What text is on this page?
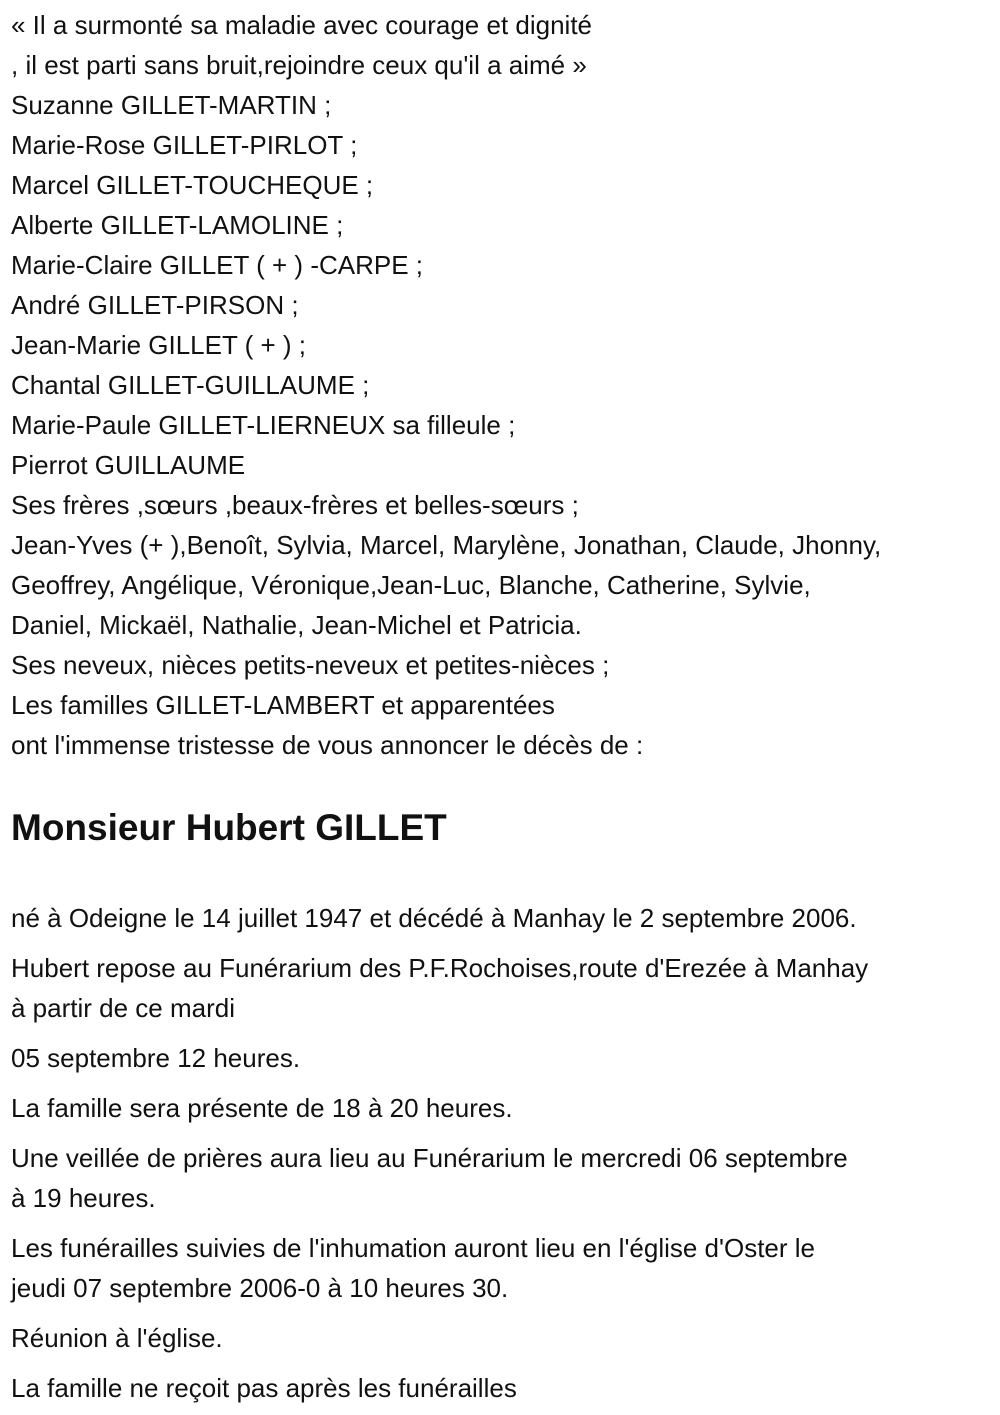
« Il a surmonté sa maladie avec courage et dignité
, il est parti sans bruit,rejoindre ceux qu'il a aimé »
Suzanne GILLET-MARTIN ;
Marie-Rose GILLET-PIRLOT ;
Marcel GILLET-TOUCHEQUE ;
Alberte GILLET-LAMOLINE ;
Marie-Claire GILLET ( + ) -CARPE ;
André GILLET-PIRSON ;
Jean-Marie GILLET ( + ) ;
Chantal GILLET-GUILLAUME ;
Marie-Paule GILLET-LIERNEUX sa filleule ;
Pierrot GUILLAUME
Ses frères ,sœurs ,beaux-frères et belles-sœurs ;
Jean-Yves (+ ),Benoît, Sylvia, Marcel, Marylène, Jonathan, Claude, Jhonny,
Geoffrey, Angélique, Véronique,Jean-Luc, Blanche, Catherine, Sylvie,
Daniel, Mickaël, Nathalie, Jean-Michel et Patricia.
Ses neveux, nièces petits-neveux et petites-nièces ;
Les familles GILLET-LAMBERT et apparentées
ont l'immense tristesse de vous annoncer le décès de :
Monsieur Hubert GILLET
né à Odeigne le 14 juillet 1947 et décédé à Manhay le 2 septembre 2006.
Hubert repose au Funérarium des P.F.Rochoises,route d'Erezée à Manhay
à partir de ce mardi
05 septembre 12 heures.
La famille sera présente de 18 à 20 heures.
Une veillée de prières aura lieu au Funérarium le mercredi 06 septembre
à 19 heures.
Les funérailles suivies de l'inhumation auront lieu en l'église d'Oster le
jeudi 07 septembre 2006-0 à 10 heures 30.
Réunion à l'église.
La famille ne reçoit pas après les funérailles
